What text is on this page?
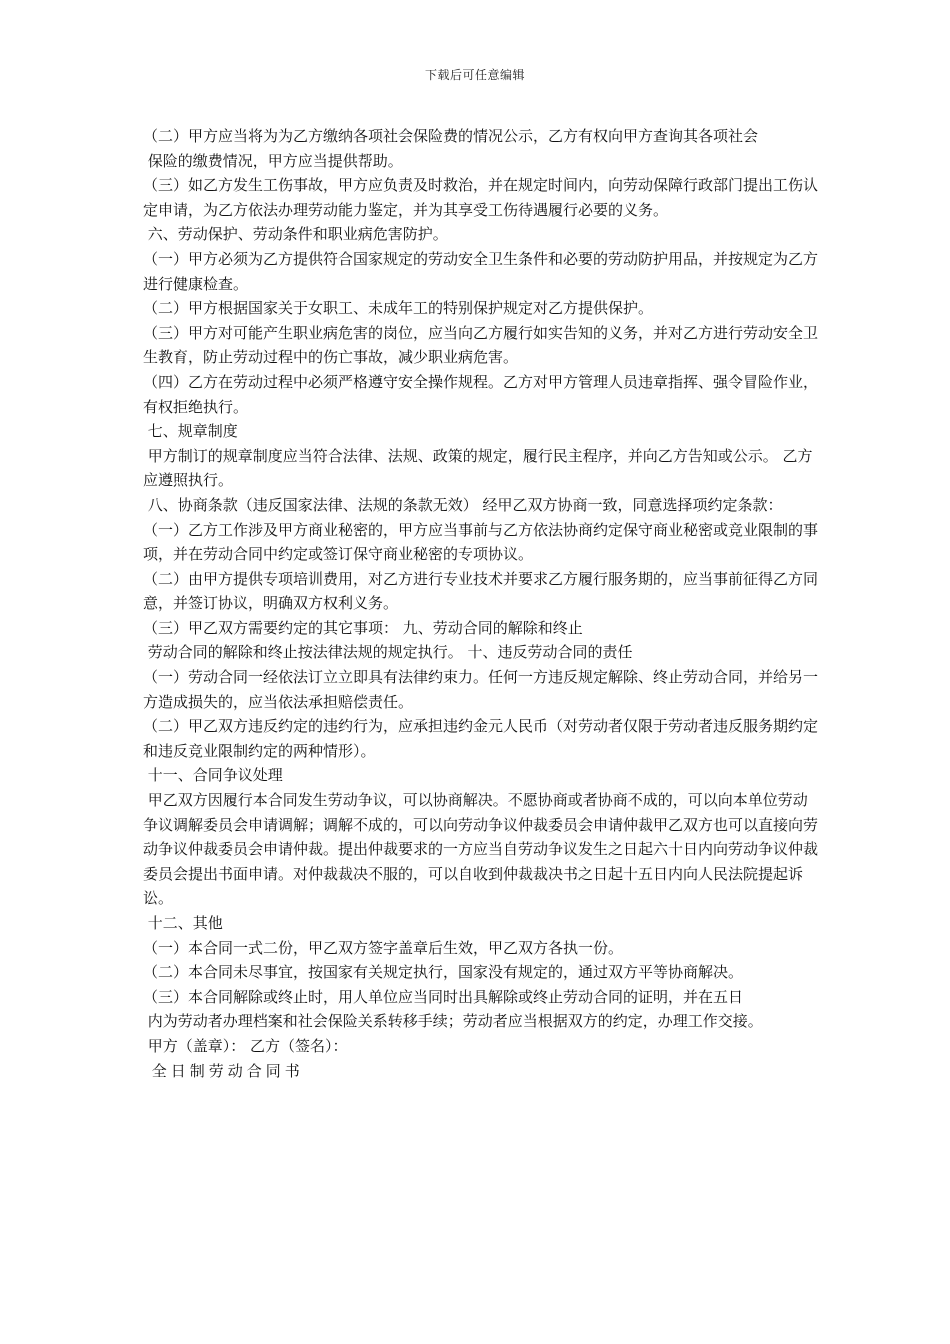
下载后可任意编辑

（二）甲方应当将为为乙方缴纳各项社会保险费的情况公示，乙方有权向甲方查询其各项社会

保险的缴费情况，甲方应当提供帮助。

（三）如乙方发生工伤事故，甲方应负责及时救治，并在规定时间内，向劳动保障行政部门提出工伤认定申请，为乙方依法办理劳动能力鉴定，并为其享受工伤待遇履行必要的义务。

六、劳动保护、劳动条件和职业病危害防护。

（一）甲方必须为乙方提供符合国家规定的劳动安全卫生条件和必要的劳动防护用品，并按规定为乙方进行健康检查。

（二）甲方根据国家关于女职工、未成年工的特别保护规定对乙方提供保护。

（三）甲方对可能产生职业病危害的岗位，应当向乙方履行如实告知的义务，并对乙方进行劳动安全卫生教育，防止劳动过程中的伤亡事故，减少职业病危害。

（四）乙方在劳动过程中必须严格遵守安全操作规程。乙方对甲方管理人员违章指挥、强令冒险作业，有权拒绝执行。

七、规章制度

甲方制订的规章制度应当符合法律、法规、政策的规定，履行民主程序，并向乙方告知或公示。 乙方应遵照执行。

八、协商条款（违反国家法律、法规的条款无效） 经甲乙双方协商一致，同意选择项约定条款：

（一）乙方工作涉及甲方商业秘密的，甲方应当事前与乙方依法协商约定保守商业秘密或竞业限制的事项，并在劳动合同中约定或签订保守商业秘密的专项协议。

（二）由甲方提供专项培训费用，对乙方进行专业技术并要求乙方履行服务期的，应当事前征得乙方同意，并签订协议，明确双方权利义务。

（三）甲乙双方需要约定的其它事项： 九、劳动合同的解除和终止

劳动合同的解除和终止按法律法规的规定执行。 十、违反劳动合同的责任

（一）劳动合同一经依法订立立即具有法律约束力。任何一方违反规定解除、终止劳动合同，并给另一方造成损失的，应当依法承担赔偿责任。

（二）甲乙双方违反约定的违约行为，应承担违约金元人民币（对劳动者仅限于劳动者违反服务期约定和违反竞业限制约定的两种情形）。

十一、合同争议处理

甲乙双方因履行本合同发生劳动争议，可以协商解决。不愿协商或者协商不成的，可以向本单位劳动争议调解委员会申请调解；调解不成的，可以向劳动争议仲裁委员会申请仲裁甲乙双方也可以直接向劳动争议仲裁委员会申请仲裁。提出仲裁要求的一方应当自劳动争议发生之日起六十日内向劳动争议仲裁委员会提出书面申请。对仲裁裁决不服的，可以自收到仲裁裁决书之日起十五日内向人民法院提起诉讼。

十二、其他

（一）本合同一式二份，甲乙双方签字盖章后生效，甲乙双方各执一份。

（二）本合同未尽事宜，按国家有关规定执行，国家没有规定的，通过双方平等协商解决。

（三）本合同解除或终止时，用人单位应当同时出具解除或终止劳动合同的证明，并在五日

内为劳动者办理档案和社会保险关系转移手续；劳动者应当根据双方的约定，办理工作交接。

甲方（盖章）： 乙方（签名）：

全日制劳动合同书
